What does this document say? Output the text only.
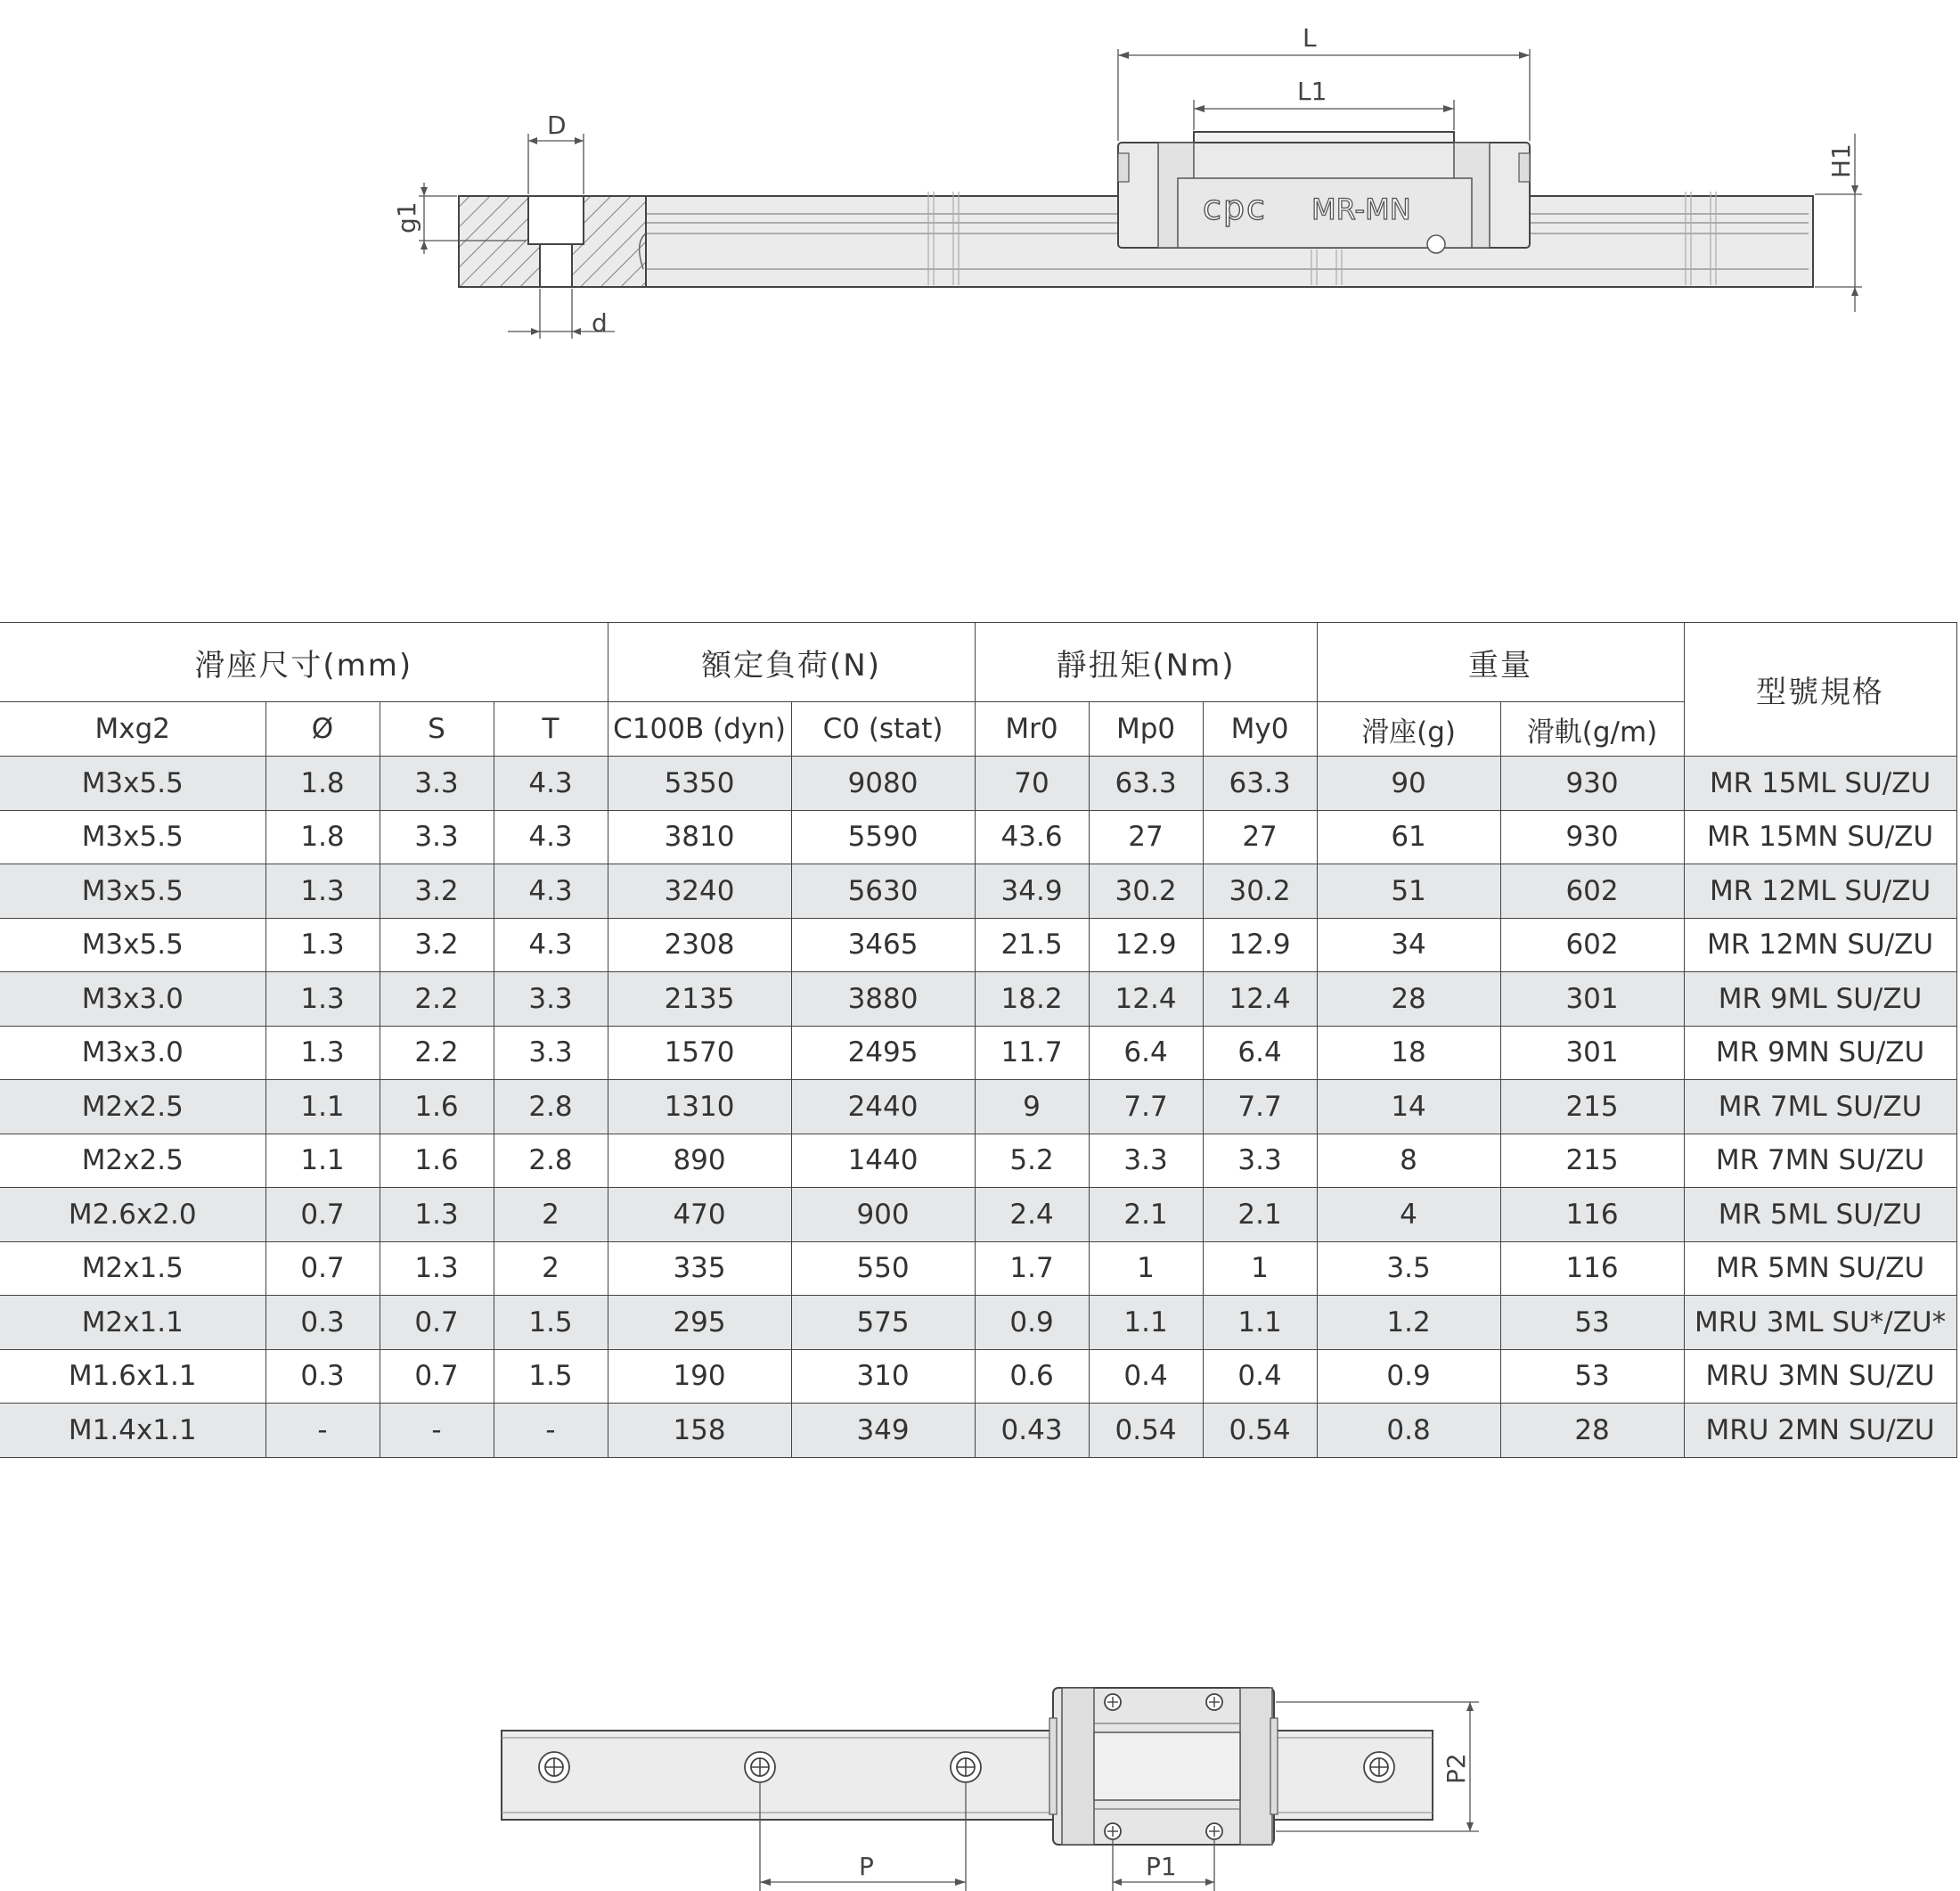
cpc MR-MN
L
L1
D
d
g1
H1
滑座尺寸(mm)				額定負荷(N)		靜扭矩(Nm)			重量		型號規格
Mxg2	Ø	S	T	C100B (dyn)	C0 (stat)	Mr0	Mp0	My0	滑座(g)	滑軌(g/m)	
M3x5.5	1.8	3.3	4.3	5350	9080	70	63.3	63.3	90	930	MR 15ML SU/ZU
M3x5.5	1.8	3.3	4.3	3810	5590	43.6	27	27	61	930	MR 15MN SU/ZU
M3x5.5	1.3	3.2	4.3	3240	5630	34.9	30.2	30.2	51	602	MR 12ML SU/ZU
M3x5.5	1.3	3.2	4.3	2308	3465	21.5	12.9	12.9	34	602	MR 12MN SU/ZU
M3x3.0	1.3	2.2	3.3	2135	3880	18.2	12.4	12.4	28	301	MR 9ML SU/ZU
M3x3.0	1.3	2.2	3.3	1570	2495	11.7	6.4	6.4	18	301	MR 9MN SU/ZU
M2x2.5	1.1	1.6	2.8	1310	2440	9	7.7	7.7	14	215	MR 7ML SU/ZU
M2x2.5	1.1	1.6	2.8	890	1440	5.2	3.3	3.3	8	215	MR 7MN SU/ZU
M2.6x2.0	0.7	1.3	2	470	900	2.4	2.1	2.1	4	116	MR 5ML SU/ZU
M2x1.5	0.7	1.3	2	335	550	1.7	1	1	3.5	116	MR 5MN SU/ZU
M2x1.1	0.3	0.7	1.5	295	575	0.9	1.1	1.1	1.2	53	MRU 3ML SU*/ZU*
M1.6x1.1	0.3	0.7	1.5	190	310	0.6	0.4	0.4	0.9	53	MRU 3MN SU/ZU
M1.4x1.1	-	-	-	158	349	0.43	0.54	0.54	0.8	28	MRU 2MN SU/ZU
P	P1
P2
